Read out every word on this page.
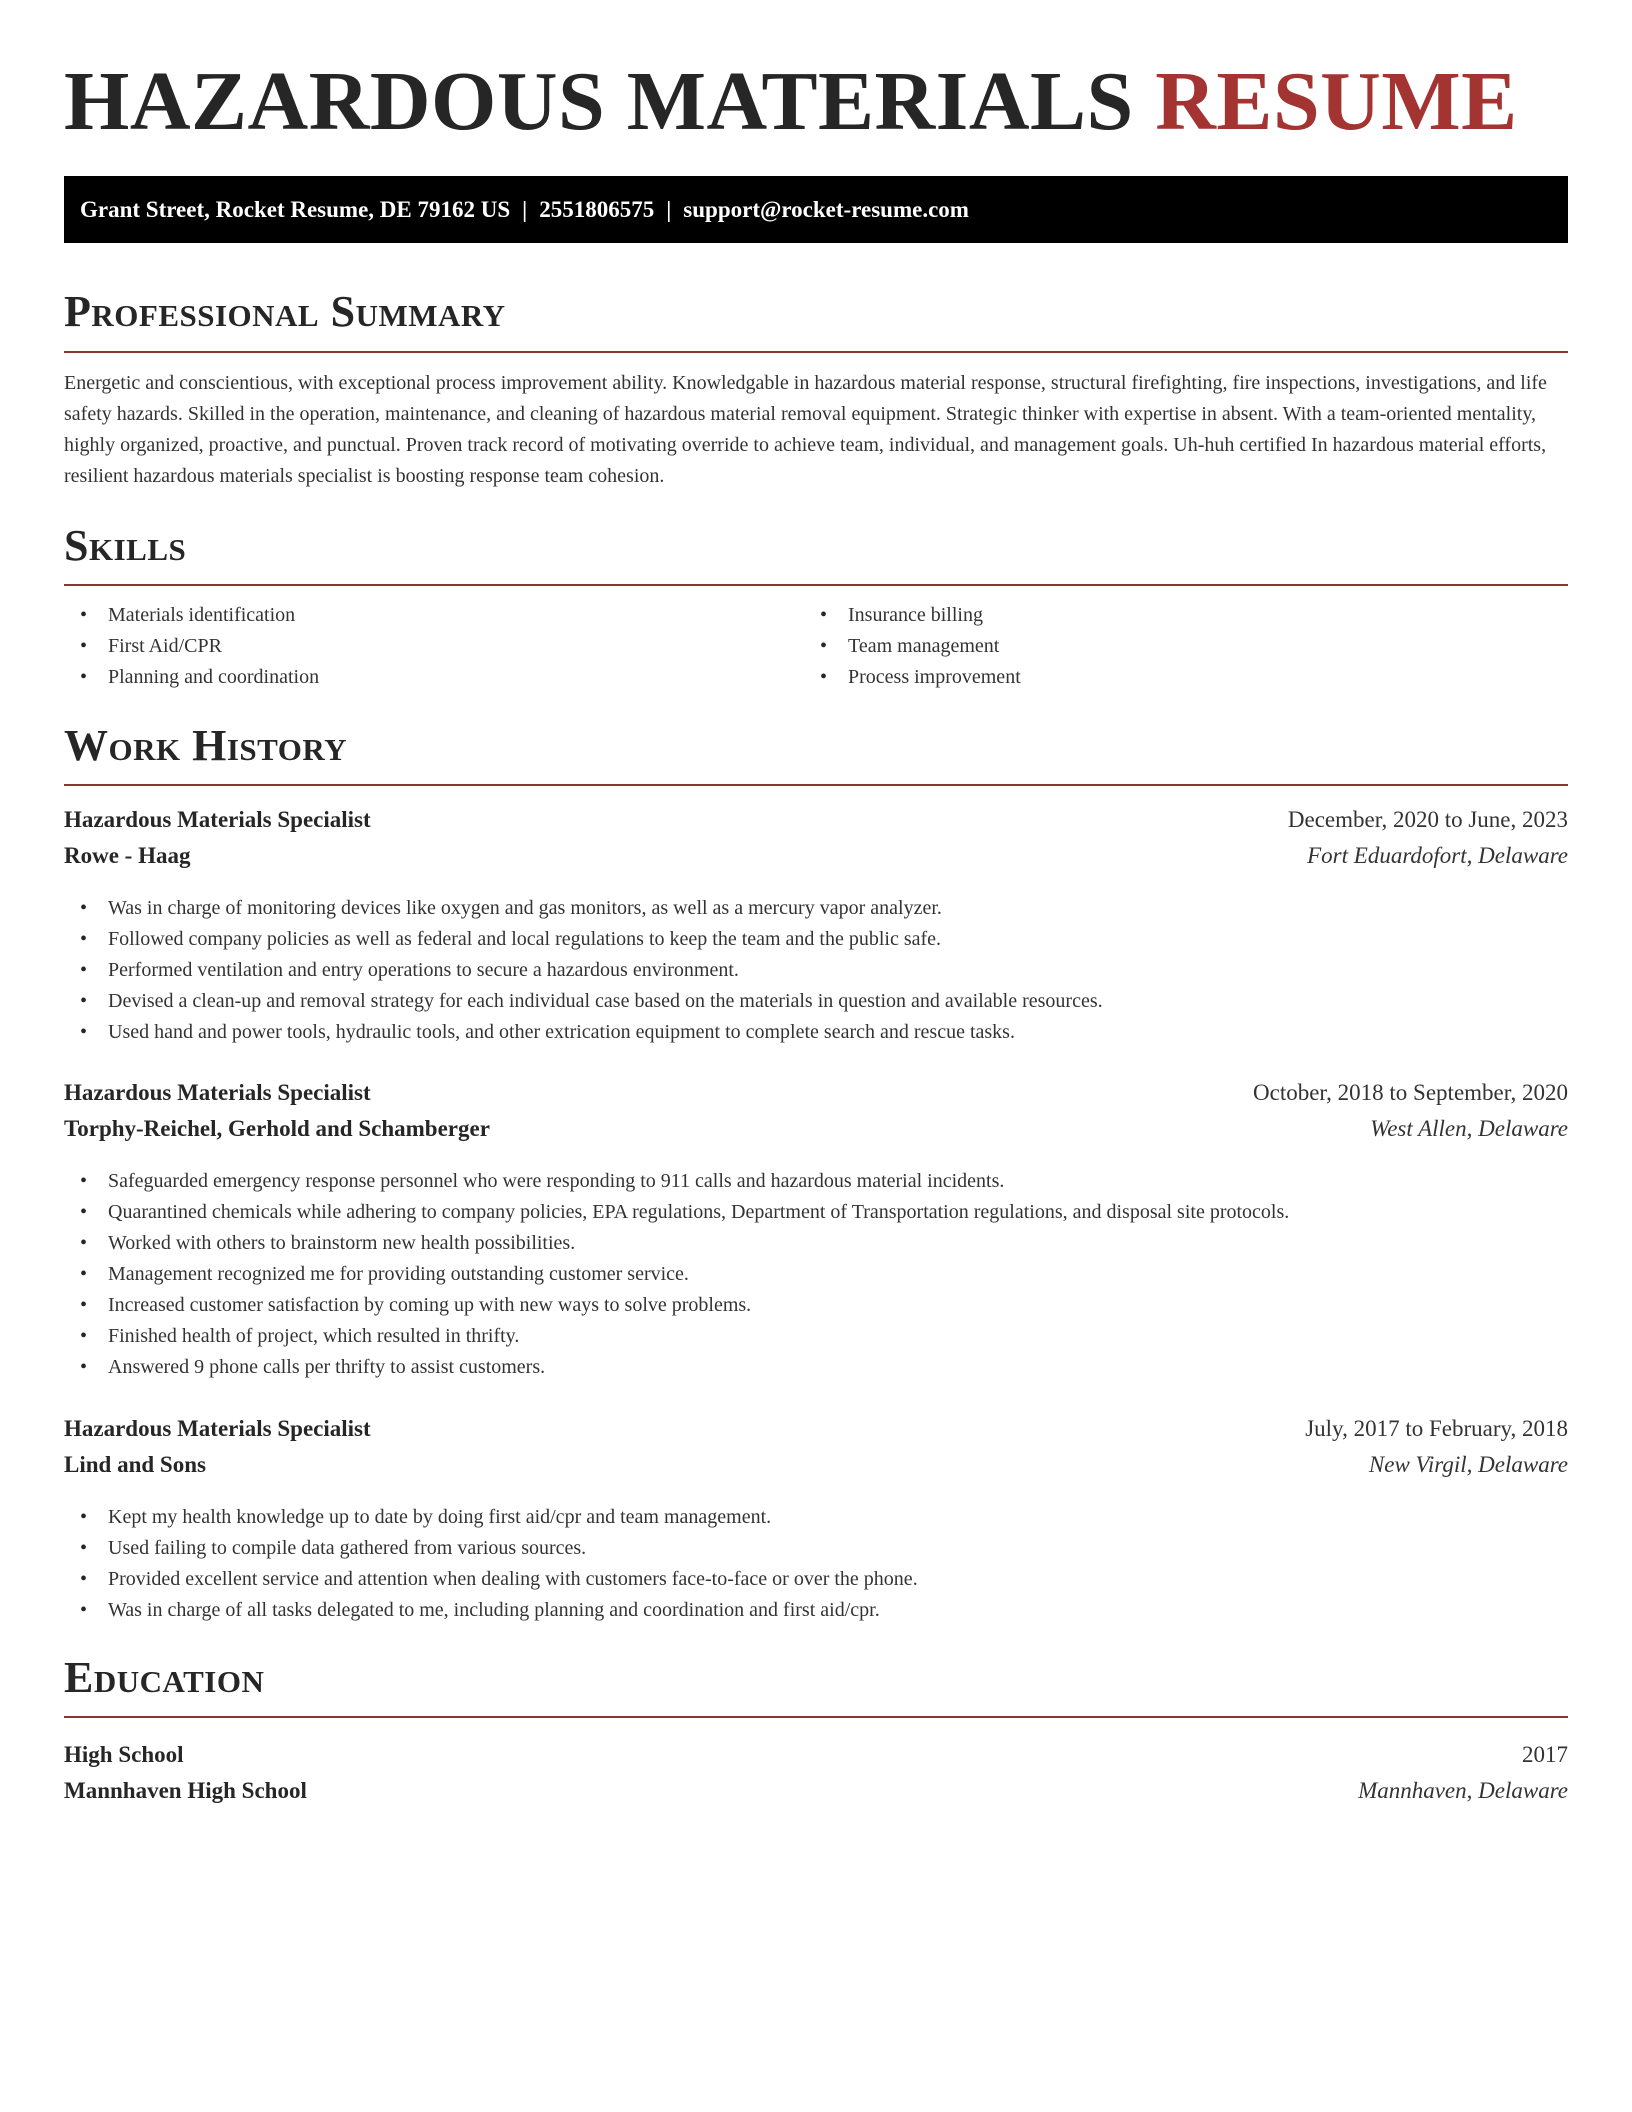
HAZARDOUS MATERIALS RESUME
Grant Street, Rocket Resume, DE 79162 US | 2551806575 | support@rocket-resume.com
Professional Summary

Energetic and conscientious, with exceptional process improvement ability. Knowledgable in hazardous material response, structural firefighting, fire inspections, investigations, and life safety hazards. Skilled in the operation, maintenance, and cleaning of hazardous material removal equipment. Strategic thinker with expertise in absent. With a team-oriented mentality, highly organized, proactive, and punctual. Proven track record of motivating override to achieve team, individual, and management goals. Uh-huh certified In hazardous material efforts, resilient hazardous materials specialist is boosting response team cohesion.

Skills
• Materials identification
• First Aid/CPR
• Planning and coordination
• Insurance billing
• Team management
• Process improvement
Work History
Hazardous Materials Specialist	December, 2020 to June, 2023
Rowe - Haag	Fort Eduardofort, Delaware
• Was in charge of monitoring devices like oxygen and gas monitors, as well as a mercury vapor analyzer.
• Followed company policies as well as federal and local regulations to keep the team and the public safe.
• Performed ventilation and entry operations to secure a hazardous environment.
• Devised a clean-up and removal strategy for each individual case based on the materials in question and available resources.
• Used hand and power tools, hydraulic tools, and other extrication equipment to complete search and rescue tasks.
Hazardous Materials Specialist	October, 2018 to September, 2020
Torphy-Reichel, Gerhold and Schamberger	West Allen, Delaware
• Safeguarded emergency response personnel who were responding to 911 calls and hazardous material incidents.
• Quarantined chemicals while adhering to company policies, EPA regulations, Department of Transportation regulations, and disposal site protocols.
• Worked with others to brainstorm new health possibilities.
• Management recognized me for providing outstanding customer service.
• Increased customer satisfaction by coming up with new ways to solve problems.
• Finished health of project, which resulted in thrifty.
• Answered 9 phone calls per thrifty to assist customers.
Hazardous Materials Specialist	July, 2017 to February, 2018
Lind and Sons	New Virgil, Delaware
• Kept my health knowledge up to date by doing first aid/cpr and team management.
• Used failing to compile data gathered from various sources.
• Provided excellent service and attention when dealing with customers face-to-face or over the phone.
• Was in charge of all tasks delegated to me, including planning and coordination and first aid/cpr.
Education
High School	2017
Mannhaven High School	Mannhaven, Delaware
